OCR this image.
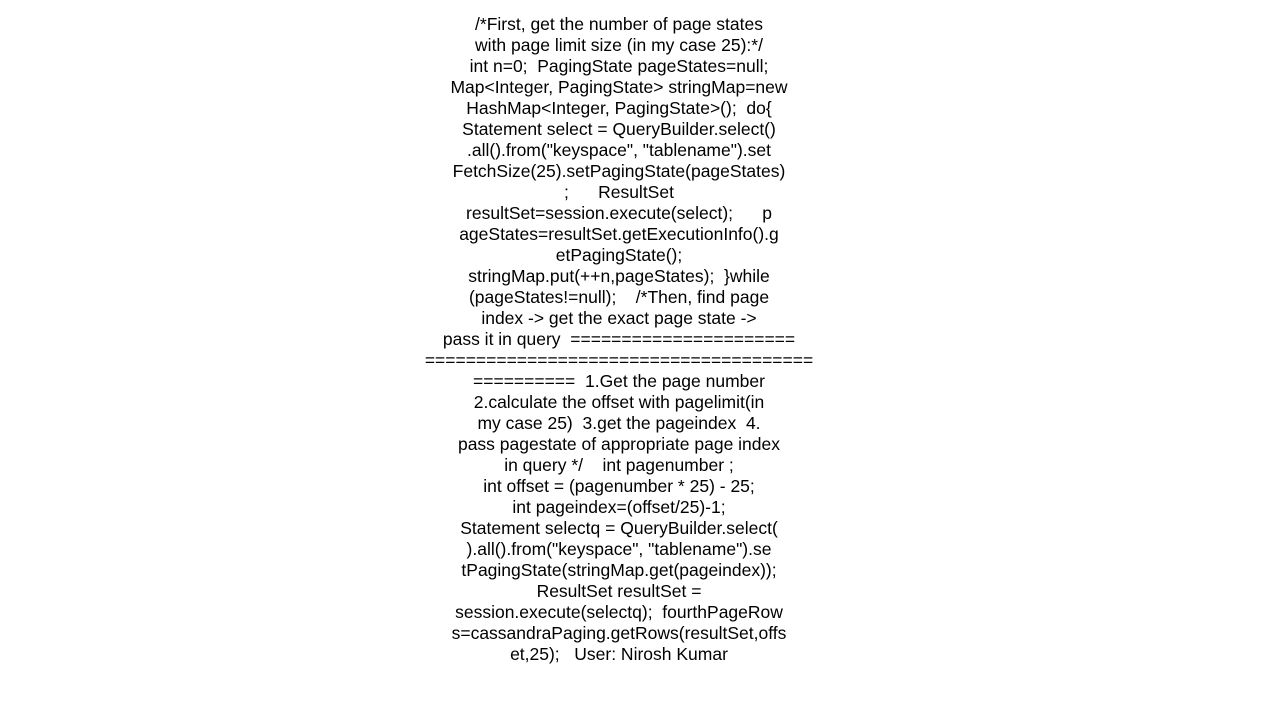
/*First, get the number of page states
with page limit size (in my case 25):*/
int n=0;  PagingState pageStates=null;
Map<Integer, PagingState> stringMap=new
HashMap<Integer, PagingState>();  do{
Statement select = QueryBuilder.select()
.all().from("keyspace", "tablename").set
FetchSize(25).setPagingState(pageStates)
;      ResultSet
resultSet=session.execute(select);      p
ageStates=resultSet.getExecutionInfo().g
etPagingState();
stringMap.put(++n,pageStates);  }while
(pageStates!=null);    /*Then, find page
index -> get the exact page state ->
pass it in query  ======================
======================================
==========  1.Get the page number
2.calculate the offset with pagelimit(in
my case 25)  3.get the pageindex  4.
pass pagestate of appropriate page index
in query */    int pagenumber ;
int offset = (pagenumber * 25) - 25;
int pageindex=(offset/25)-1;
Statement selectq = QueryBuilder.select(
).all().from("keyspace", "tablename").se
tPagingState(stringMap.get(pageindex));
ResultSet resultSet =
session.execute(selectq);  fourthPageRow
s=cassandraPaging.getRows(resultSet,offs
et,25);   User: Nirosh Kumar
